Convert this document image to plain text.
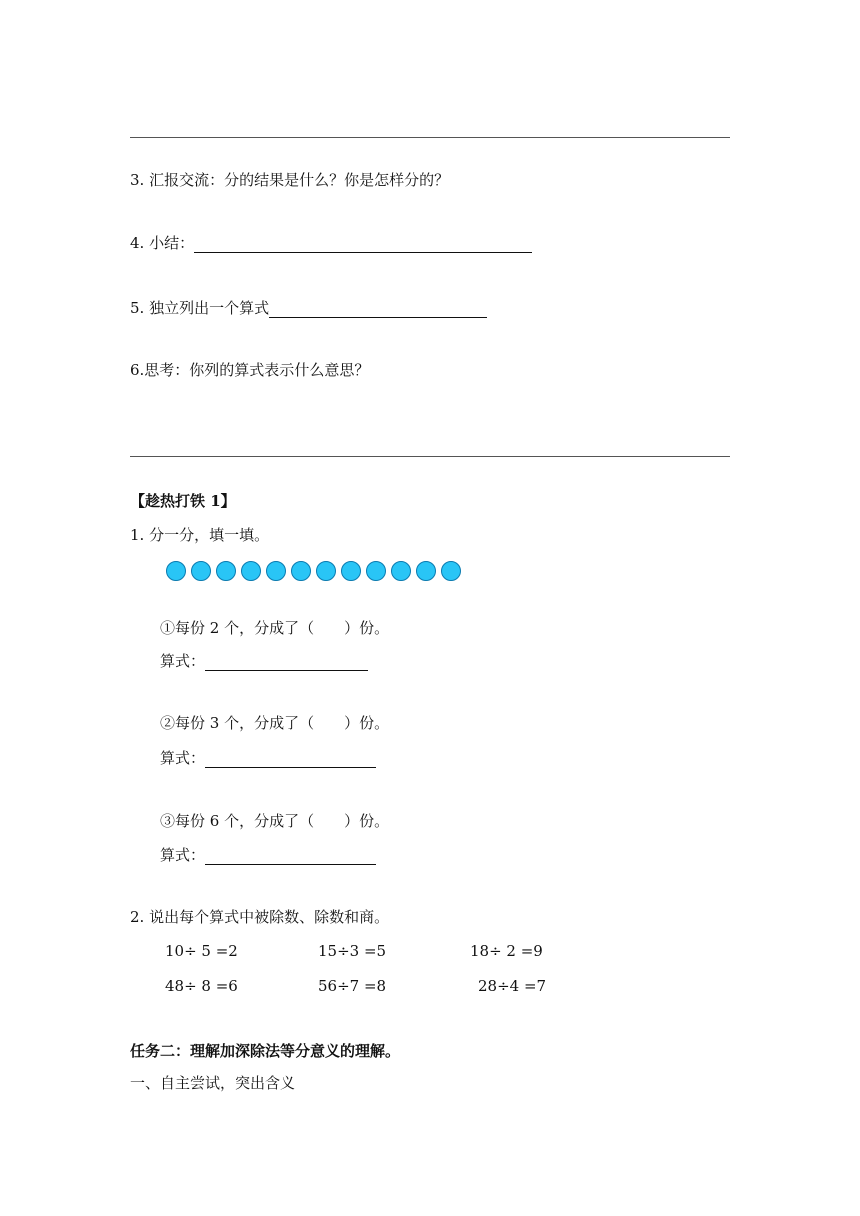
3. 汇报交流：分的结果是什么？你是怎样分的？
4. 小结：
5. 独立列出一个算式
6.思考：你列的算式表示什么意思？
【趁热打铁 1】
1. 分一分，填一填。
①每份 2 个，分成了（　　）份。
算式：
②每份 3 个，分成了（　　）份。
算式：
③每份 6 个，分成了（　　）份。
算式：
2. 说出每个算式中被除数、除数和商。
10÷ 5 =2	15÷3 =5	18÷ 2 =9
48÷ 8 =6	56÷7 =8	28÷4 =7
任务二：理解加深除法等分意义的理解。
一、自主尝试，突出含义
